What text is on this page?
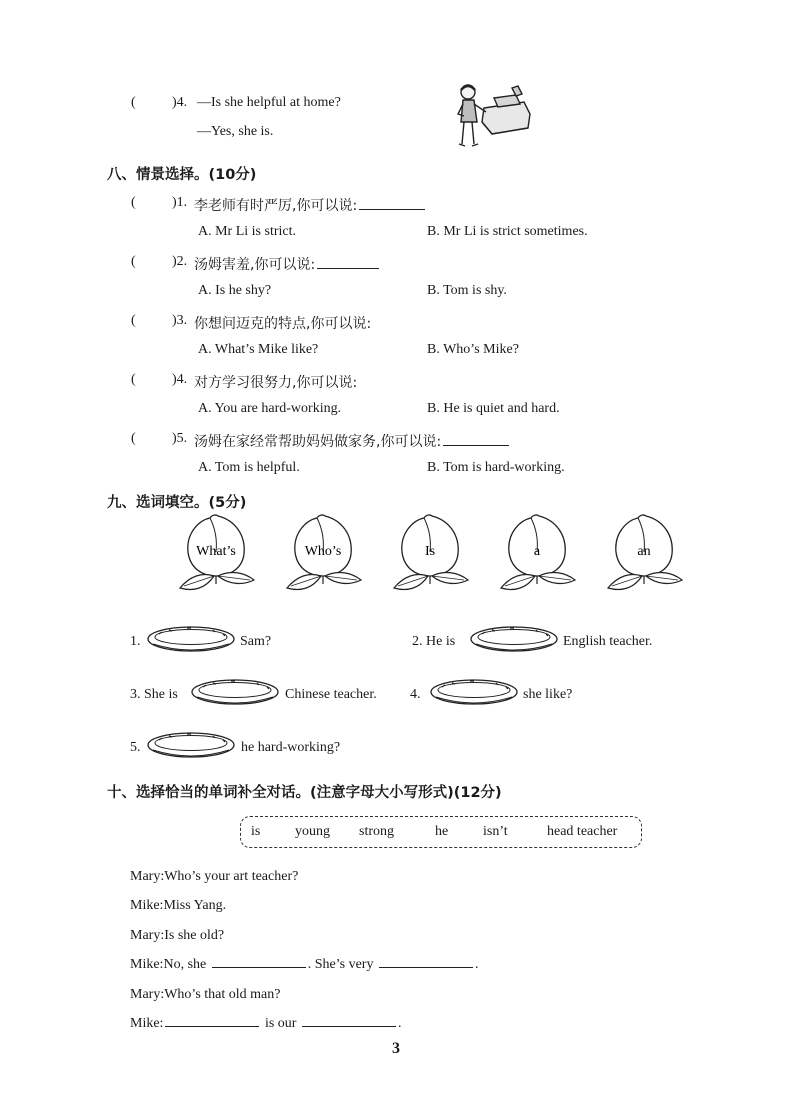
(	)4. —Is she helpful at home?
—Yes, she is.
八、情景选择。(10分)
(	)1. 李老师有时严厉,你可以说:
A. Mr Li is strict.	B. Mr Li is strict sometimes.
(	)2. 汤姆害羞,你可以说:
A. Is he shy?	B. Tom is shy.
(	)3. 你想问迈克的特点,你可以说:
A. What’s Mike like?	B. Who’s Mike?
(	)4. 对方学习很努力,你可以说:
A. You are hard-working.	B. He is quiet and hard.
(	)5. 汤姆在家经常帮助妈妈做家务,你可以说:
A. Tom is helpful.	B. Tom is hard-working.
九、选词填空。(5分)
What’s	Who’s	Is	a	an
1.	Sam?	2. He is	English teacher.
3. She is	Chinese teacher. 4.	she like?
5.	he hard-working?
十、选择恰当的单词补全对话。(注意字母大小写形式)(12分)
is young strong	he isn’t	head teacher
Mary:Who’s your art teacher?
Mike:Miss Yang.
Mary:Is she old?
Mike:No, she	. She’s very	.
Mary:Who’s that old man?
Mike:	is our	.
3
